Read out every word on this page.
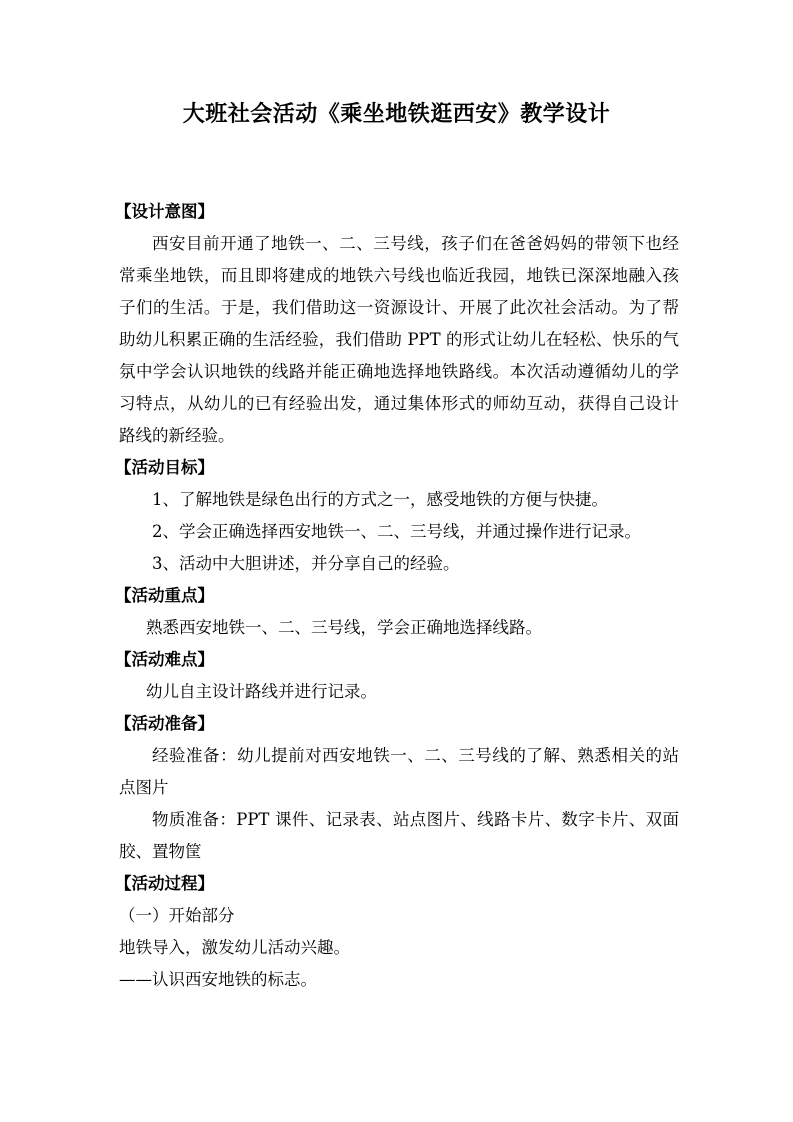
大班社会活动《乘坐地铁逛西安》教学设计
【设计意图】
西安目前开通了地铁一、二、三号线，孩子们在爸爸妈妈的带领下也经常乘坐地铁，而且即将建成的地铁六号线也临近我园，地铁已深深地融入孩子们的生活。于是，我们借助这一资源设计、开展了此次社会活动。为了帮助幼儿积累正确的生活经验，我们借助 PPT 的形式让幼儿在轻松、快乐的气氛中学会认识地铁的线路并能正确地选择地铁路线。本次活动遵循幼儿的学习特点，从幼儿的已有经验出发，通过集体形式的师幼互动，获得自己设计路线的新经验。
【活动目标】
1、了解地铁是绿色出行的方式之一，感受地铁的方便与快捷。
2、学会正确选择西安地铁一、二、三号线，并通过操作进行记录。
3、活动中大胆讲述，并分享自己的经验。
【活动重点】
熟悉西安地铁一、二、三号线，学会正确地选择线路。
【活动难点】
幼儿自主设计路线并进行记录。
【活动准备】
经验准备：幼儿提前对西安地铁一、二、三号线的了解、熟悉相关的站点图片
物质准备：PPT 课件、记录表、站点图片、线路卡片、数字卡片、双面胶、置物筐
【活动过程】
（一）开始部分
地铁导入，激发幼儿活动兴趣。
——认识西安地铁的标志。
